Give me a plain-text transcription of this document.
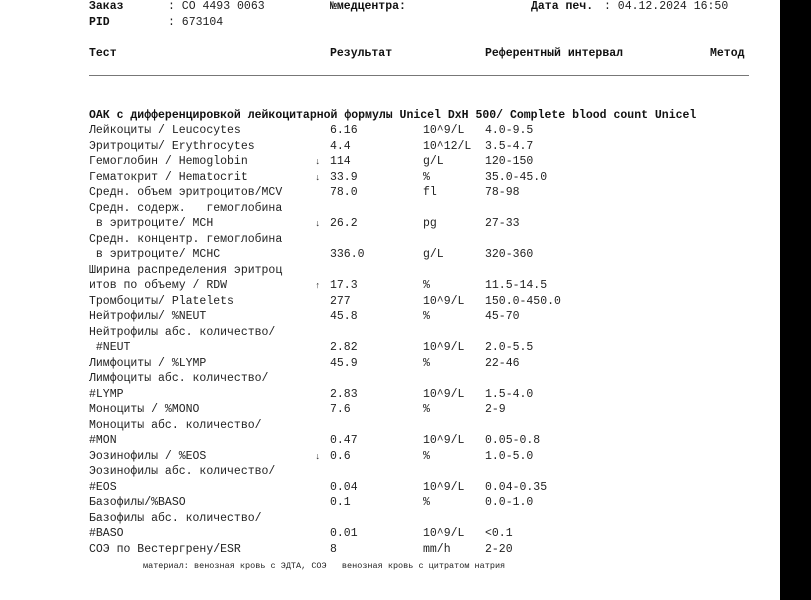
Заказ	: CO 4493 0063
PID	: 673104
№медцентра:	Дата печ. : 04.12.2024 16:50
Тест	Результат	Референтный интервал	Метод
ОАК с дифференцировкой лейкоцитарной формулы Unicel DxH 500/ Complete blood count Unicel
Лейкоциты / Leucocytes	6.16	10^9/L 4.0-9.5
Эритроциты/ Erythrocytes	4.4	10^12/L 3.5-4.7
Гемоглобин / Hemoglobin	↓ 114	g/L	120-150
Гематокрит / Hematocrit	↓ 33.9	%	35.0-45.0
Средн. объем эритроцитов/MCV	78.0	fl	78-98
Средн. содерж.   гемоглобина
в эритроците/ MCH	↓ 26.2	pg	27-33
Средн. концентр. гемоглобина
в эритроците/ MCHC	336.0	g/L	320-360
Ширина распределения эритроц
итов по объему / RDW	↑ 17.3	%	11.5-14.5
Тромбоциты/ Platelets	277	10^9/L 150.0-450.0
Нейтрофилы/ %NEUT	45.8	%	45-70
Нейтрофилы абс. количество/
#NEUT	2.82	10^9/L 2.0-5.5
Лимфоциты / %LYMP	45.9	%	22-46
Лимфоциты абс. количество/
#LYMP	2.83	10^9/L 1.5-4.0
Моноциты / %MONO	7.6	%	2-9
Моноциты абс. количество/
#MON	0.47	10^9/L 0.05-0.8
Эозинофилы / %EOS	↓ 0.6	%	1.0-5.0
Эозинофилы абс. количество/
#EOS	0.04	10^9/L 0.04-0.35
Базофилы/%BASO	0.1	%	0.0-1.0
Базофилы абс. количество/
#BASO	0.01	10^9/L <0.1
СОЭ по Вестергрену/ESR	8	mm/h	2-20
материал: венозная кровь с ЭДТА, СОЭ   венозная кровь с цитратом натрия
